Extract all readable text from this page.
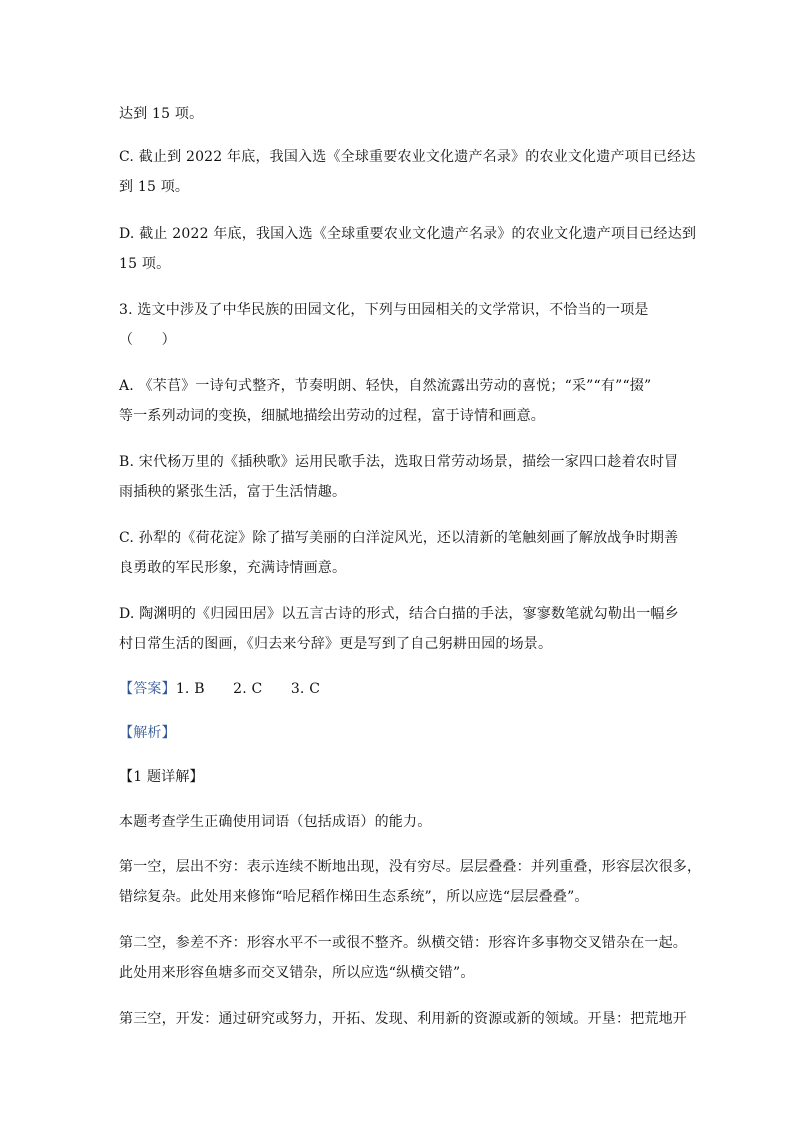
达到 15 项。
C. 截止到 2022 年底，我国入选《全球重要农业文化遗产名录》的农业文化遗产项目已经达
到 15 项。
D. 截止 2022 年底，我国入选《全球重要农业文化遗产名录》的农业文化遗产项目已经达到
15 项。
3. 选文中涉及了中华民族的田园文化，下列与田园相关的文学常识，不恰当的一项是
（　　）
A. 《芣苢》一诗句式整齐，节奏明朗、轻快，自然流露出劳动的喜悦；“采”“有”“掇”
等一系列动词的变换，细腻地描绘出劳动的过程，富于诗情和画意。
B. 宋代杨万里的《插秧歌》运用民歌手法，选取日常劳动场景，描绘一家四口趁着农时冒
雨插秧的紧张生活，富于生活情趣。
C. 孙犁的《荷花淀》除了描写美丽的白洋淀风光，还以清新的笔触刻画了解放战争时期善
良勇敢的军民形象，充满诗情画意。
村日常生活的图画，《归去来兮辞》更是写到了自己躬耕田园的场景。
D. 陶渊明的《归园田居》以五言古诗的形式，结合白描的手法，寥寥数笔就勾勒出一幅乡
【答案】1. B　　2. C　　3. C
【解析】
【1 题详解】
本题考查学生正确使用词语（包括成语）的能力。
第一空，层出不穷：表示连续不断地出现，没有穷尽。层层叠叠：并列重叠，形容层次很多，
错综复杂。此处用来修饰“哈尼稻作梯田生态系统”，所以应选“层层叠叠”。
第二空，参差不齐：形容水平不一或很不整齐。纵横交错：形容许多事物交叉错杂在一起。
此处用来形容鱼塘多而交叉错杂，所以应选“纵横交错”。
第三空，开发：通过研究或努力，开拓、发现、利用新的资源或新的领域。开垦：把荒地开
